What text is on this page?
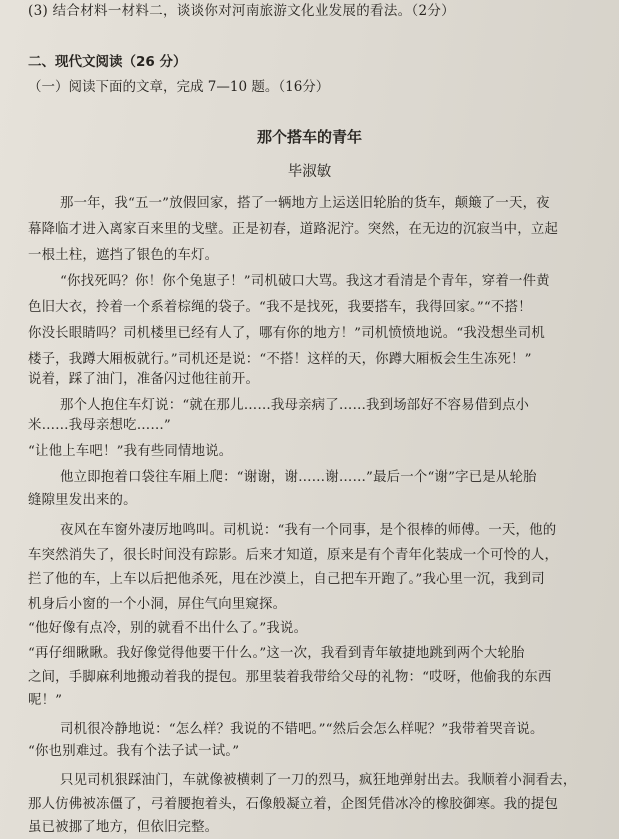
(3) 结合材料一材料二，谈谈你对河南旅游文化业发展的看法。（2分）
二、现代文阅读（26 分）
（一）阅读下面的文章，完成 7—10 题。（16分）
那个搭车的青年
毕淑敏
那一年，我“五一”放假回家，搭了一辆地方上运送旧轮胎的货车，颠簸了一天，夜
幕降临才进入离家百来里的戈壁。正是初春，道路泥泞。突然，在无边的沉寂当中，立起
一根土柱，遮挡了银色的车灯。
“你找死吗？你！你个兔崽子！”司机破口大骂。我这才看清是个青年，穿着一件黄
色旧大衣，拎着一个系着棕绳的袋子。“我不是找死，我要搭车，我得回家。”“不搭！
你没长眼睛吗？司机楼里已经有人了，哪有你的地方！”司机愤愤地说。“我没想坐司机
楼子，我蹲大厢板就行。”司机还是说：“不搭！这样的天，你蹲大厢板会生生冻死！”
说着，踩了油门，准备闪过他往前开。
那个人抱住车灯说：“就在那儿……我母亲病了……我到场部好不容易借到点小
米……我母亲想吃……”
“让他上车吧！”我有些同情地说。
他立即抱着口袋往车厢上爬：“谢谢，谢……谢……”最后一个“谢”字已是从轮胎
缝隙里发出来的。
夜风在车窗外凄厉地鸣叫。司机说：“我有一个同事，是个很棒的师傅。一天，他的
车突然消失了，很长时间没有踪影。后来才知道，原来是有个青年化装成一个可怜的人，
拦了他的车，上车以后把他杀死，甩在沙漠上，自己把车开跑了。”我心里一沉，我到司
机身后小窗的一个小洞，屏住气向里窥探。
“他好像有点冷，别的就看不出什么了。”我说。
“再仔细瞅瞅。我好像觉得他要干什么。”这一次，我看到青年敏捷地跳到两个大轮胎
之间，手脚麻利地搬动着我的提包。那里装着我带给父母的礼物：“哎呀，他偷我的东西
呢！”
司机很冷静地说：“怎么样？我说的不错吧。”“然后会怎么样呢？”我带着哭音说。
“你也别难过。我有个法子试一试。”
只见司机狠踩油门，车就像被横刺了一刀的烈马，疯狂地弹射出去。我顺着小洞看去，
那人仿佛被冻僵了，弓着腰抱着头，石像般凝立着，企图凭借冰冷的橡胶御寒。我的提包
虽已被挪了地方，但依旧完整。
